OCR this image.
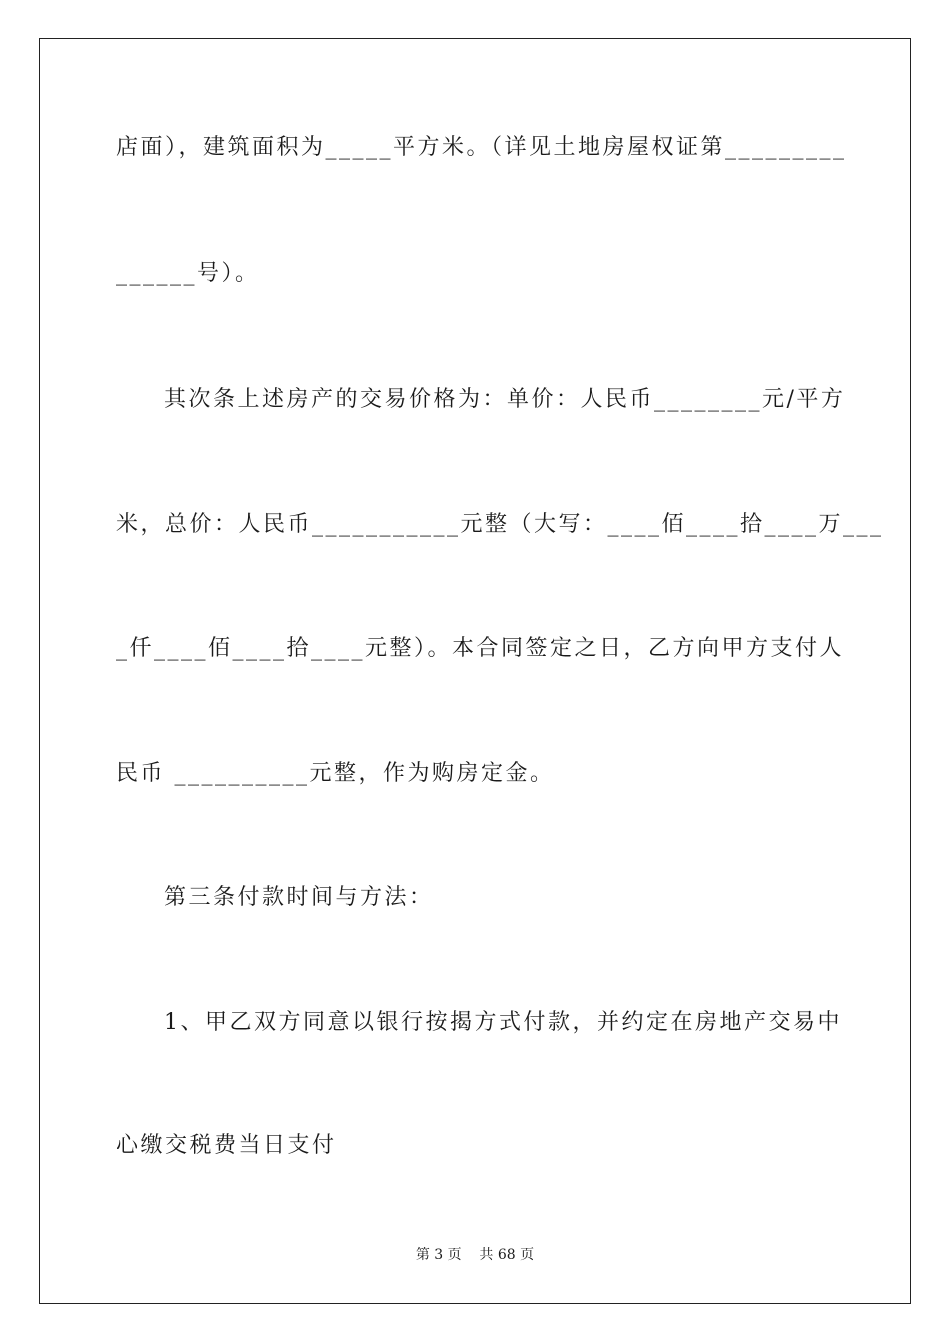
店面），建筑面积为_____平方米。（详见土地房屋权证第_________
______号）。
其次条上述房产的交易价格为：单价：人民币________元/平方
米，总价：人民币___________元整（大写：____佰____拾____万___
_仟____佰____拾____元整）。本合同签定之日，乙方向甲方支付人
民币 __________元整，作为购房定金。
第三条付款时间与方法：
1、甲乙双方同意以银行按揭方式付款，并约定在房地产交易中
心缴交税费当日支付
第 3 页    共 68 页
